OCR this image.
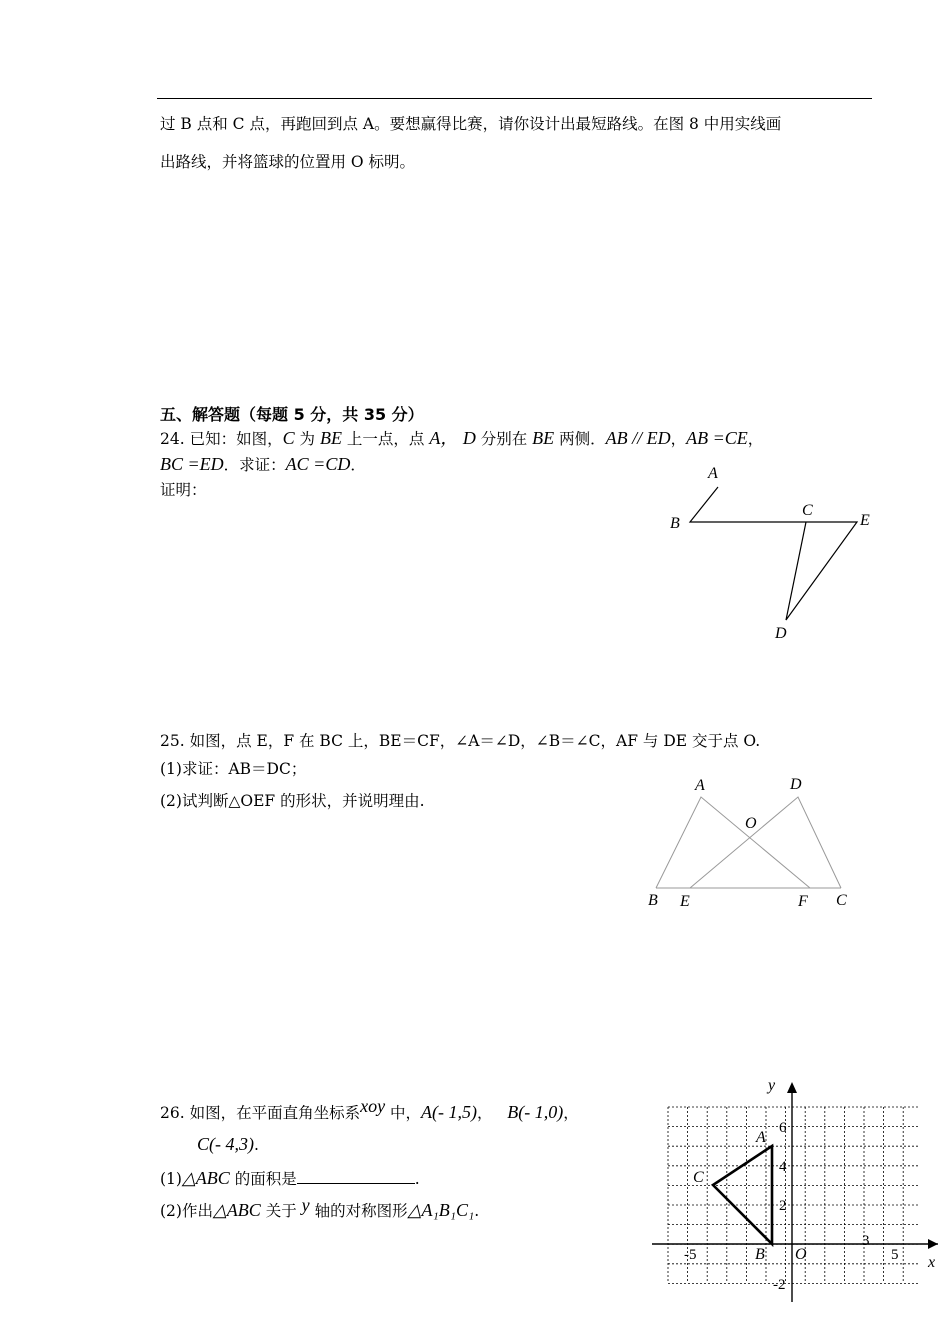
过 B 点和 C 点，再跑回到点 A。要想赢得比赛，请你设计出最短路线。在图 8 中用实线画
出路线，并将篮球的位置用 O 标明。
五、解答题（每题 5 分，共 35 分）
24. 已知：如图，C 为 BE 上一点，点 A， D 分别在 BE 两侧．AB // ED，AB =CE，
BC =ED．求证：AC =CD．
证明：
A
B
C
E
D
25. 如图，点 E，F 在 BC 上，BE＝CF，∠A＝∠D，∠B＝∠C，AF 与 DE 交于点 O.
(1)求证：AB＝DC；
(2)试判断△OEF 的形状，并说明理由.
A	D
O
B E	F C
26. 如图，在平面直角坐标系xoy 中，A(- 1,5)， B(- 1,0)，
C(- 4,3).
(1)△ABC 的面积是	.
(2)作出△ABC 关于 y 轴的对称图形△A₁B₁C₁.
y
x
O
A
B
C
6
4
2
-2
-5
3
5
